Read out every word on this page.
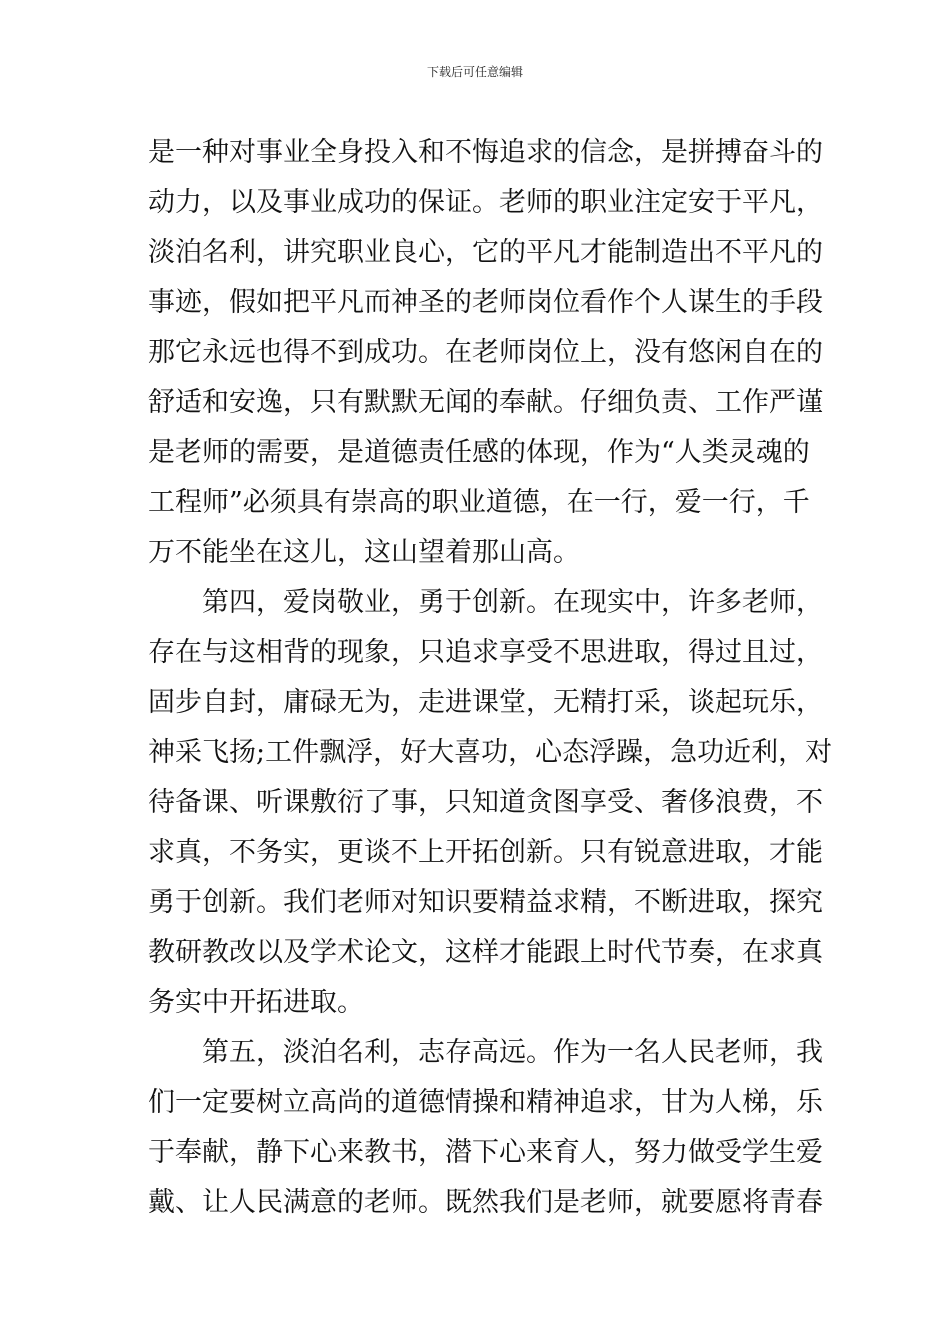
下载后可任意编辑
是一种对事业全身投入和不悔追求的信念，是拼搏奋斗的
动力，以及事业成功的保证。老师的职业注定安于平凡，
淡泊名利，讲究职业良心，它的平凡才能制造出不平凡的
事迹，假如把平凡而神圣的老师岗位看作个人谋生的手段
那它永远也得不到成功。在老师岗位上，没有悠闲自在的
舒适和安逸，只有默默无闻的奉献。仔细负责、工作严谨
是老师的需要，是道德责任感的体现，作为“人类灵魂的
工程师”必须具有崇高的职业道德，在一行，爱一行，千
万不能坐在这儿，这山望着那山高。
第四，爱岗敬业，勇于创新。在现实中，许多老师，
存在与这相背的现象，只追求享受不思进取，得过且过，
固步自封，庸碌无为，走进课堂，无精打采，谈起玩乐，
神采飞扬;工件飘浮，好大喜功，心态浮躁，急功近利，对
待备课、听课敷衍了事，只知道贪图享受、奢侈浪费，不
求真，不务实，更谈不上开拓创新。只有锐意进取，才能
勇于创新。我们老师对知识要精益求精，不断进取，探究
教研教改以及学术论文，这样才能跟上时代节奏，在求真
务实中开拓进取。
第五，淡泊名利，志存高远。作为一名人民老师，我
们一定要树立高尚的道德情操和精神追求，甘为人梯，乐
于奉献，静下心来教书，潜下心来育人，努力做受学生爱
戴、让人民满意的老师。既然我们是老师，就要愿将青春
